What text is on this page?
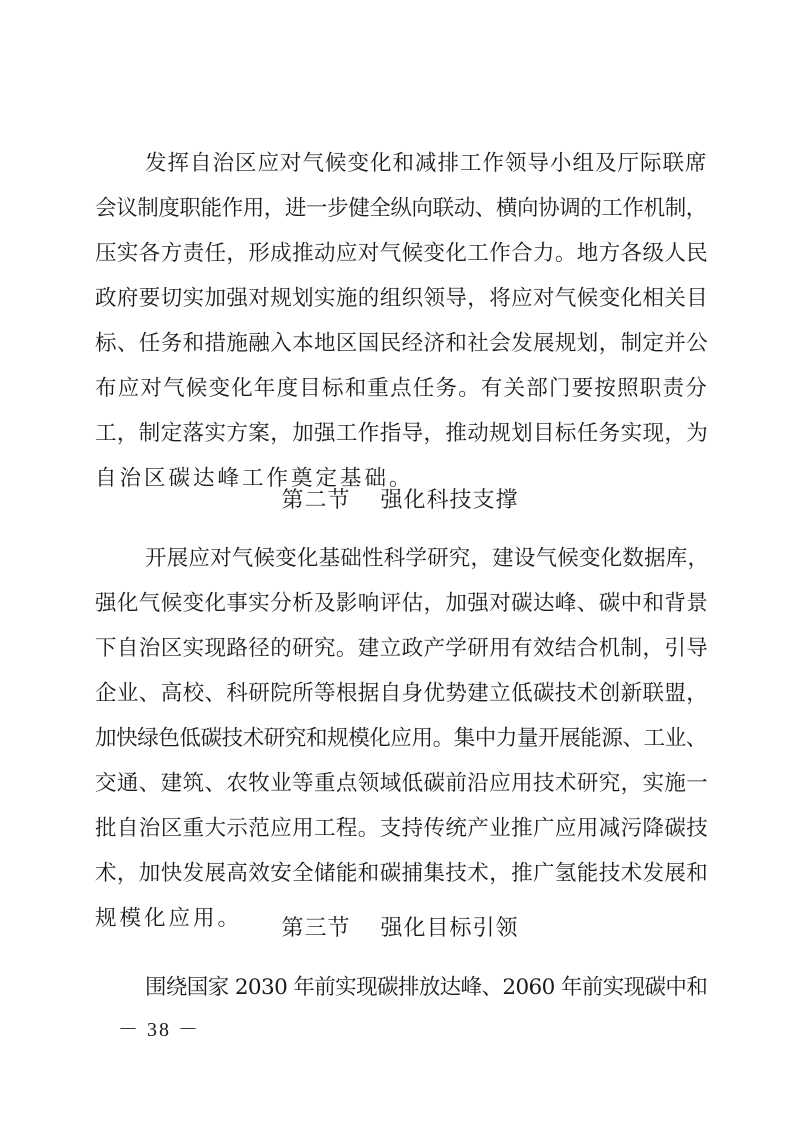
发挥自治区应对气候变化和减排工作领导小组及厅际联席
会议制度职能作用，进一步健全纵向联动、横向协调的工作机制，
压实各方责任，形成推动应对气候变化工作合力。地方各级人民
政府要切实加强对规划实施的组织领导，将应对气候变化相关目
标、任务和措施融入本地区国民经济和社会发展规划，制定并公
布应对气候变化年度目标和重点任务。有关部门要按照职责分
工，制定落实方案，加强工作指导，推动规划目标任务实现，为
自治区碳达峰工作奠定基础。
第二节 强化科技支撑
开展应对气候变化基础性科学研究，建设气候变化数据库，
强化气候变化事实分析及影响评估，加强对碳达峰、碳中和背景
下自治区实现路径的研究。建立政产学研用有效结合机制，引导
企业、高校、科研院所等根据自身优势建立低碳技术创新联盟，
加快绿色低碳技术研究和规模化应用。集中力量开展能源、工业、
交通、建筑、农牧业等重点领域低碳前沿应用技术研究，实施一
批自治区重大示范应用工程。支持传统产业推广应用减污降碳技
术，加快发展高效安全储能和碳捕集技术，推广氢能技术发展和
规模化应用。	第三节 强化目标引领
围绕国家 2030 年前实现碳排放达峰、2060 年前实现碳中和
－ 38 －
